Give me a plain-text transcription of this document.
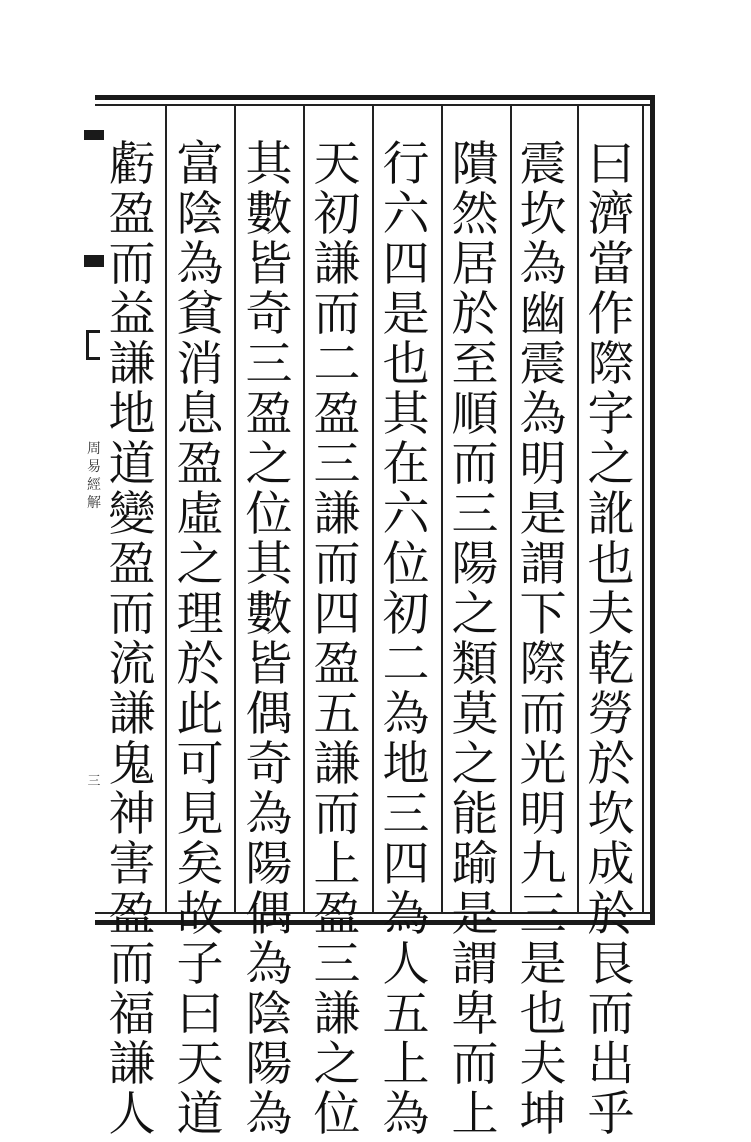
曰
濟
當
作
際
字
之
訛
也
夫
乾
勞
於
坎
成
於
艮
而
出
乎
震
坎
為
幽
震
為
明
是
謂
下
際
而
光
明
九
三
是
也
夫
坤
隤
然
居
於
至
順
而
三
陽
之
類
莫
之
能
踰
是
謂
卑
而
上
行
六
四
是
也
其
在
六
位
初
二
為
地
三
四
為
人
五
上
為
天
初
謙
而
二
盈
三
謙
而
四
盈
五
謙
而
上
盈
三
謙
之
位
其
數
皆
奇
三
盈
之
位
其
數
皆
偶
奇
為
陽
偶
為
陰
陽
為
富
陰
為
貧
消
息
盈
虛
之
理
於
此
可
見
矣
故
子
曰
天
道
虧
盈
而
益
謙
地
道
變
盈
而
流
謙
鬼
神
害
盈
而
福
謙
人
周
易
經
解
三
